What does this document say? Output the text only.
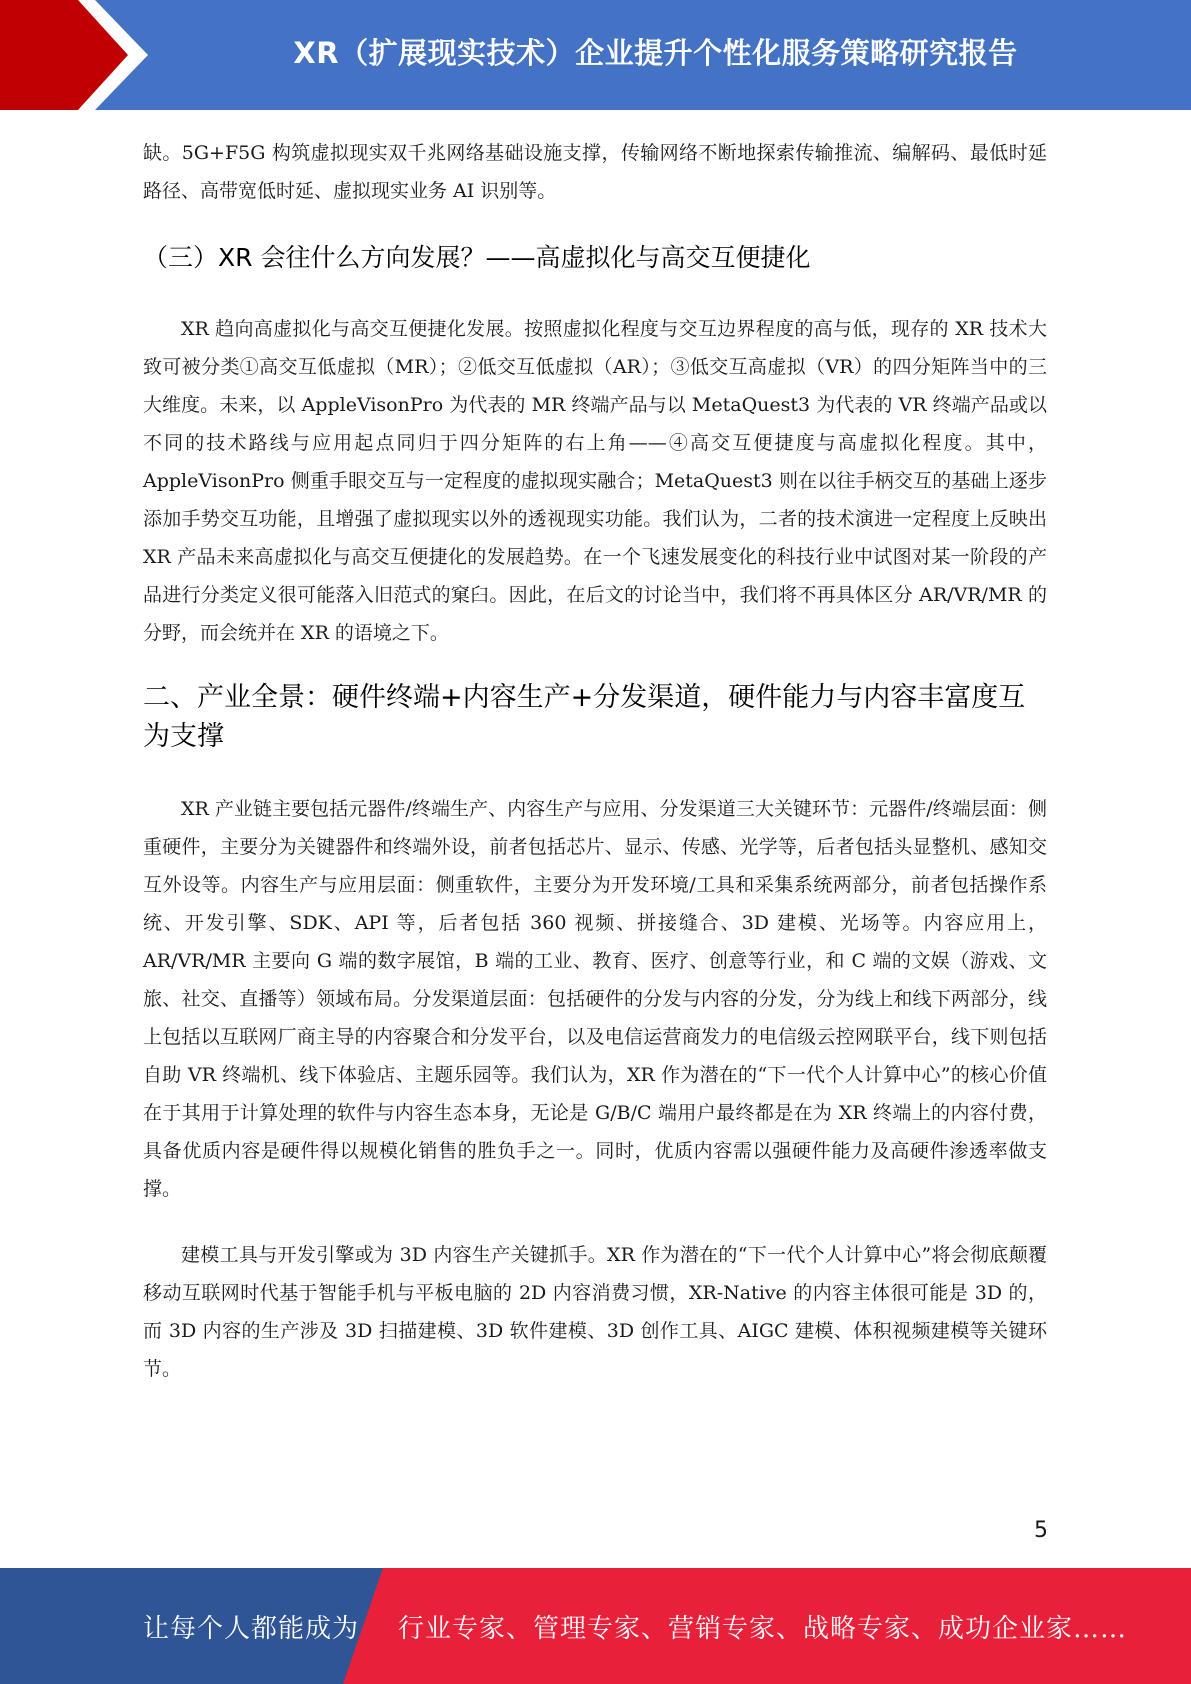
XR（扩展现实技术）企业提升个性化服务策略研究报告

缺。5G+F5G 构筑虚拟现实双千兆网络基础设施支撑，传输网络不断地探索传输推流、编解码、最低时延路径、高带宽低时延、虚拟现实业务 AI 识别等。

（三）XR 会往什么方向发展？——高虚拟化与高交互便捷化

XR 趋向高虚拟化与高交互便捷化发展。按照虚拟化程度与交互边界程度的高与低，现存的 XR 技术大致可被分类①高交互低虚拟（MR）；②低交互低虚拟（AR）；③低交互高虚拟（VR）的四分矩阵当中的三大维度。未来，以 AppleVisonPro 为代表的 MR 终端产品与以 MetaQuest3 为代表的 VR 终端产品或以不同的技术路线与应用起点同归于四分矩阵的右上角——④高交互便捷度与高虚拟化程度。其中，AppleVisonPro 侧重手眼交互与一定程度的虚拟现实融合；MetaQuest3 则在以往手柄交互的基础上逐步添加手势交互功能，且增强了虚拟现实以外的透视现实功能。我们认为，二者的技术演进一定程度上反映出 XR 产品未来高虚拟化与高交互便捷化的发展趋势。在一个飞速发展变化的科技行业中试图对某一阶段的产品进行分类定义很可能落入旧范式的窠臼。因此，在后文的讨论当中，我们将不再具体区分 AR/VR/MR 的分野，而会统并在 XR 的语境之下。

二、产业全景：硬件终端+内容生产+分发渠道，硬件能力与内容丰富度互为支撑

XR 产业链主要包括元器件/终端生产、内容生产与应用、分发渠道三大关键环节：元器件/终端层面：侧重硬件，主要分为关键器件和终端外设，前者包括芯片、显示、传感、光学等，后者包括头显整机、感知交互外设等。内容生产与应用层面：侧重软件，主要分为开发环境/工具和采集系统两部分，前者包括操作系统、开发引擎、SDK、API 等，后者包括 360 视频、拼接缝合、3D 建模、光场等。内容应用上，AR/VR/MR 主要向 G 端的数字展馆，B 端的工业、教育、医疗、创意等行业，和 C 端的文娱（游戏、文旅、社交、直播等）领域布局。分发渠道层面：包括硬件的分发与内容的分发，分为线上和线下两部分，线上包括以互联网厂商主导的内容聚合和分发平台，以及电信运营商发力的电信级云控网联平台，线下则包括自助 VR 终端机、线下体验店、主题乐园等。我们认为，XR 作为潜在的“下一代个人计算中心”的核心价值在于其用于计算处理的软件与内容生态本身，无论是 G/B/C 端用户最终都是在为 XR 终端上的内容付费，具备优质内容是硬件得以规模化销售的胜负手之一。同时，优质内容需以强硬件能力及高硬件渗透率做支撑。

建模工具与开发引擎或为 3D 内容生产关键抓手。XR 作为潜在的“下一代个人计算中心”将会彻底颠覆移动互联网时代基于智能手机与平板电脑的 2D 内容消费习惯，XR-Native 的内容主体很可能是 3D 的，而 3D 内容的生产涉及 3D 扫描建模、3D 软件建模、3D 创作工具、AIGC 建模、体积视频建模等关键环节。

5
让每个人都能成为 行业专家、管理专家、营销专家、战略专家、成功企业家……
